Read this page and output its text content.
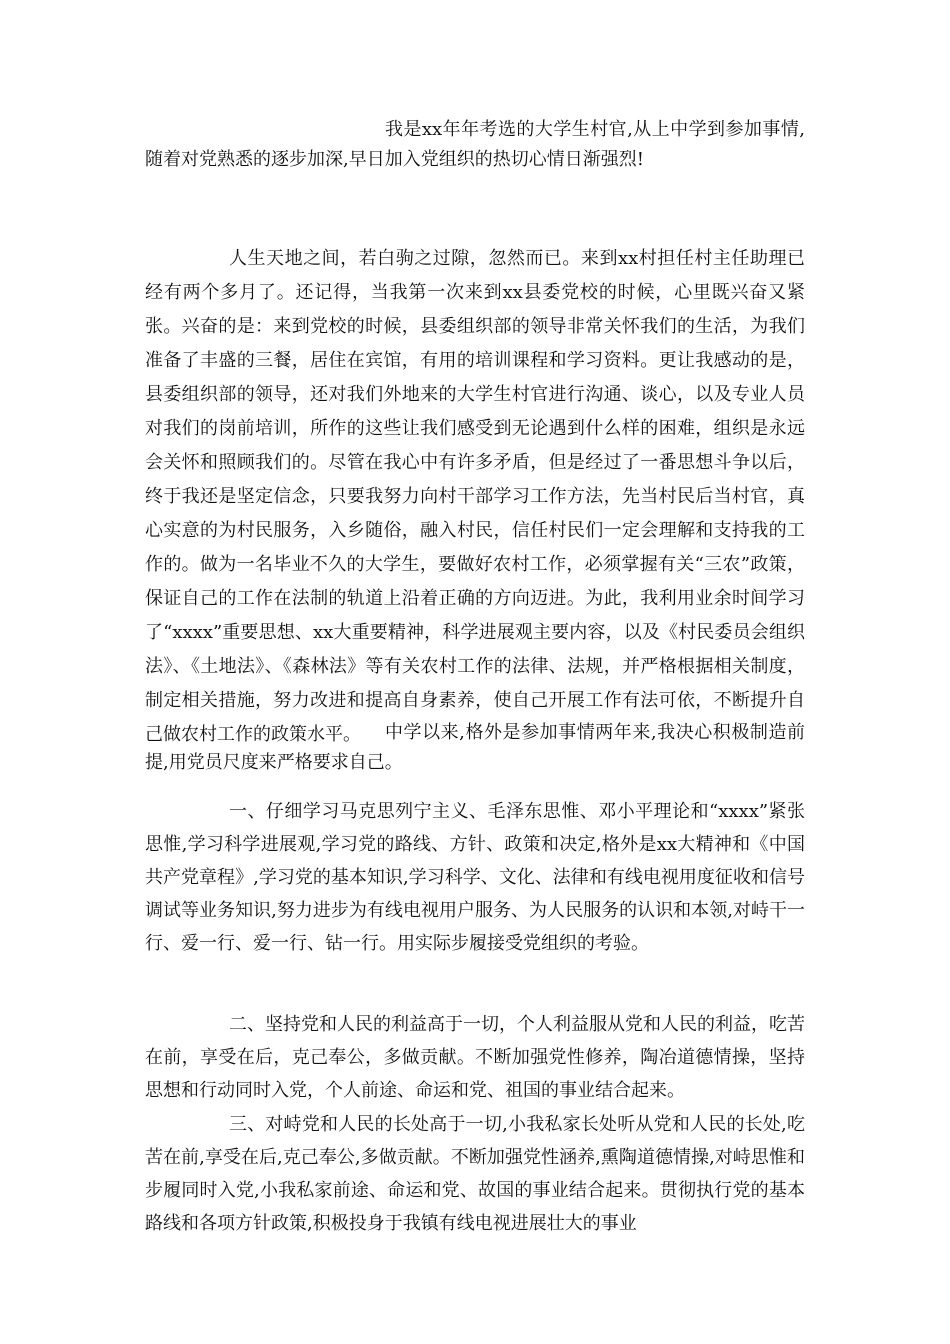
我是xx年年考选的大学生村官,从上中学到参加事情,随着对党熟悉的逐步加深,早日加入党组织的热切心情日渐强烈!

人生天地之间，若白驹之过隙，忽然而已。来到xx村担任村主任助理已经有两个多月了。还记得，当我第一次来到xx县委党校的时候，心里既兴奋又紧张。兴奋的是：来到党校的时候，县委组织部的领导非常关怀我们的生活，为我们准备了丰盛的三餐，居住在宾馆，有用的培训课程和学习资料。更让我感动的是，县委组织部的领导，还对我们外地来的大学生村官进行沟通、谈心，以及专业人员对我们的岗前培训，所作的这些让我们感受到无论遇到什么样的困难，组织是永远会关怀和照顾我们的。尽管在我心中有许多矛盾，但是经过了一番思想斗争以后，终于我还是坚定信念，只要我努力向村干部学习工作方法，先当村民后当村官，真心实意的为村民服务，入乡随俗，融入村民，信任村民们一定会理解和支持我的工作的。做为一名毕业不久的大学生，要做好农村工作，必须掌握有关“三农”政策，保证自己的工作在法制的轨道上沿着正确的方向迈进。为此，我利用业余时间学习了“xxxx”重要思想、xx大重要精神，科学进展观主要内容，以及《村民委员会组织法》、《土地法》、《森林法》等有关农村工作的法律、法规，并严格根据相关制度，制定相关措施，努力改进和提高自身素养，使自己开展工作有法可依，不断提升自己做农村工作的政策水平。	中学以来,格外是参加事情两年来,我决心积极制造前提,用党员尺度来严格要求自己。

一、仔细学习马克思列宁主义、毛泽东思惟、邓小平理论和“xxxx”紧张思惟,学习科学进展观,学习党的路线、方针、政策和决定,格外是xx大精神和《中国共产党章程》,学习党的基本知识,学习科学、文化、法律和有线电视用度征收和信号调试等业务知识,努力进步为有线电视用户服务、为人民服务的认识和本领,对峙干一行、爱一行、爱一行、钻一行。用实际步履接受党组织的考验。

二、坚持党和人民的利益高于一切，个人利益服从党和人民的利益，吃苦在前，享受在后，克己奉公，多做贡献。不断加强党性修养，陶冶道德情操，坚持思想和行动同时入党，个人前途、命运和党、祖国的事业结合起来。

三、对峙党和人民的长处高于一切,小我私家长处听从党和人民的长处,吃苦在前,享受在后,克己奉公,多做贡献。不断加强党性涵养,熏陶道德情操,对峙思惟和步履同时入党,小我私家前途、命运和党、故国的事业结合起来。贯彻执行党的基本路线和各项方针政策,积极投身于我镇有线电视进展壮大的事业
